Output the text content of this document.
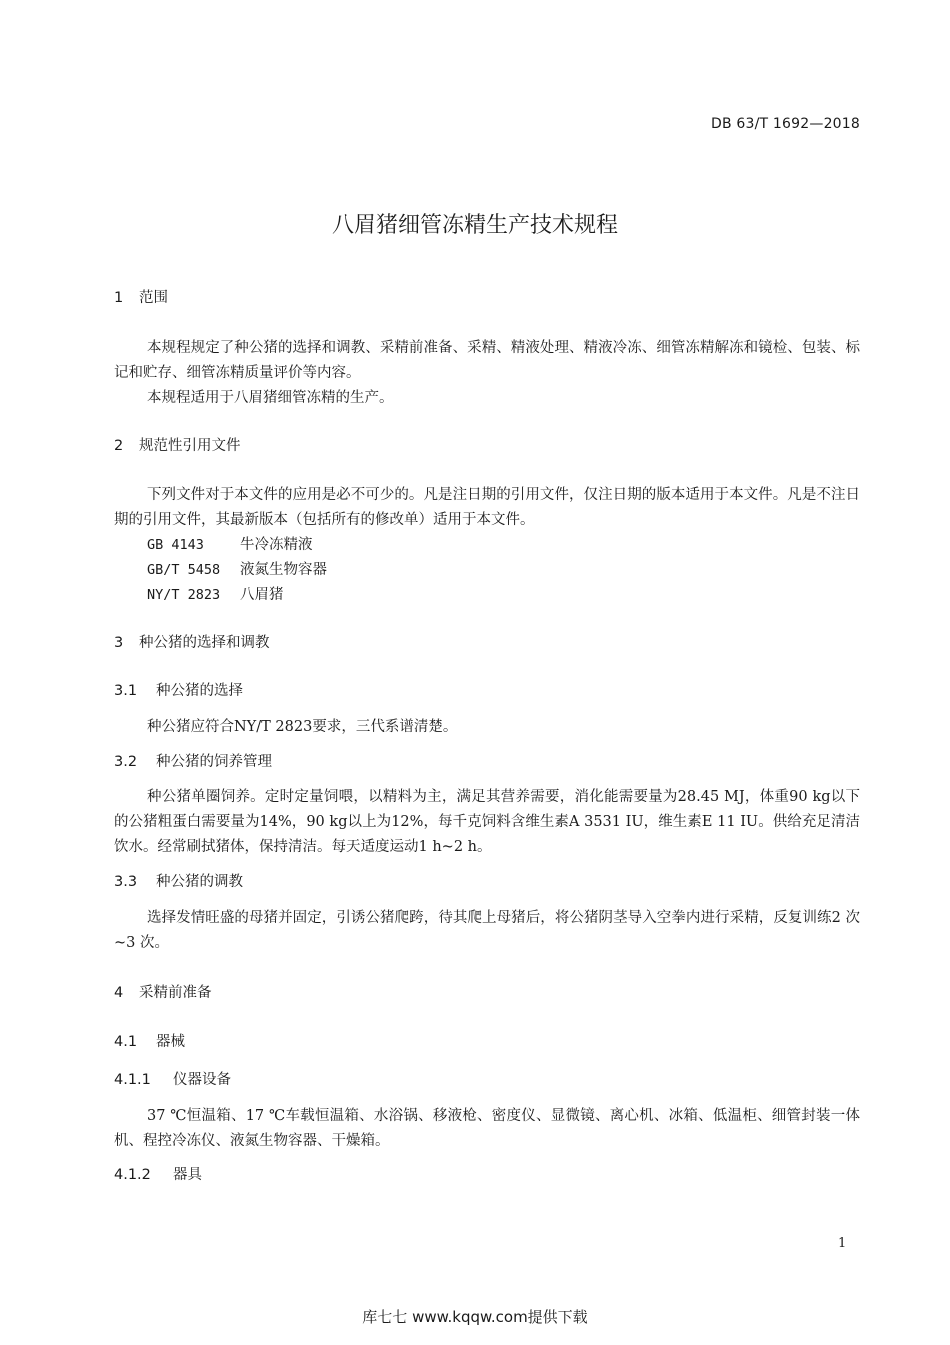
DB 63/T 1692—2018
八眉猪细管冻精生产技术规程
1	范围

本规程规定了种公猪的选择和调教、采精前准备、采精、精液处理、精液冷冻、细管冻精解冻和镜检、包装、标记和贮存、细管冻精质量评价等内容。

本规程适用于八眉猪细管冻精的生产。

2	规范性引用文件

下列文件对于本文件的应用是必不可少的。凡是注日期的引用文件，仅注日期的版本适用于本文件。凡是不注日期的引用文件，其最新版本（包括所有的修改单）适用于本文件。

GB 4143	牛冷冻精液
GB/T 5458	液氮生物容器
NY/T 2823	八眉猪
3	种公猪的选择和调教
3.1	种公猪的选择

种公猪应符合NY/T 2823要求，三代系谱清楚。

3.2	种公猪的饲养管理

种公猪单圈饲养。定时定量饲喂，以精料为主，满足其营养需要，消化能需要量为28.45 MJ，体重90 kg以下的公猪粗蛋白需要量为14%，90 kg以上为12%，每千克饲料含维生素A 3531 IU，维生素E 11 IU。供给充足清洁饮水。经常刷拭猪体，保持清洁。每天适度运动1 h~2 h。

3.3	种公猪的调教

选择发情旺盛的母猪并固定，引诱公猪爬跨，待其爬上母猪后，将公猪阴茎导入空拳内进行采精，反复训练2 次~3 次。

4	采精前准备
4.1	器械
4.1.1	仪器设备

37 ℃恒温箱、17 ℃车载恒温箱、水浴锅、移液枪、密度仪、显微镜、离心机、冰箱、低温柜、细管封装一体机、程控冷冻仪、液氮生物容器、干燥箱。

4.1.2	器具
1
库七七 www.kqqw.com提供下载
